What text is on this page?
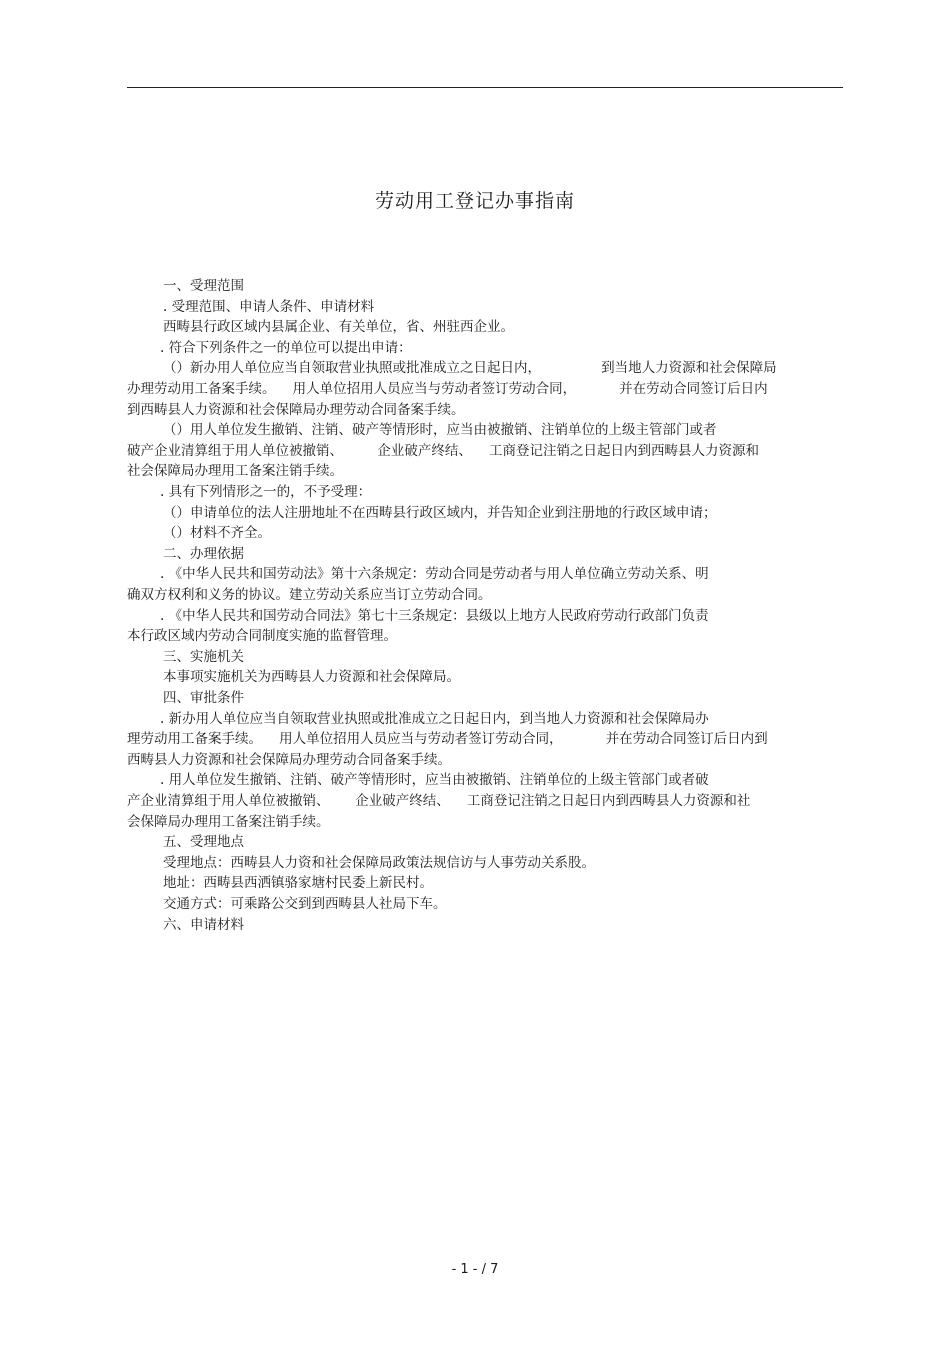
劳动用工登记办事指南
一、受理范围
. 受理范围、申请人条件、申请材料
西畴县行政区域内县属企业、有关单位，省、州驻西企业。
. 符合下列条件之一的单位可以提出申请：
（）新办用人单位应当自领取营业执照或批准成立之日起日内，              到当地人力资源和社会保障局
办理劳动用工备案手续。    用人单位招用人员应当与劳动者签订劳动合同，          并在劳动合同签订后日内
到西畴县人力资源和社会保障局办理劳动合同备案手续。
（）用人单位发生撤销、注销、破产等情形时，应当由被撤销、注销单位的上级主管部门或者
破产企业清算组于用人单位被撤销、        企业破产终结、    工商登记注销之日起日内到西畴县人力资源和
社会保障局办理用工备案注销手续。
. 具有下列情形之一的，不予受理：
（）申请单位的法人注册地址不在西畴县行政区域内，并告知企业到注册地的行政区域申请；
（）材料不齐全。
二、办理依据
. 《中华人民共和国劳动法》第十六条规定：劳动合同是劳动者与用人单位确立劳动关系、明
确双方权利和义务的协议。建立劳动关系应当订立劳动合同。
. 《中华人民共和国劳动合同法》第七十三条规定：县级以上地方人民政府劳动行政部门负责
本行政区域内劳动合同制度实施的监督管理。
三、实施机关
本事项实施机关为西畴县人力资源和社会保障局。
四、审批条件
. 新办用人单位应当自领取营业执照或批准成立之日起日内，到当地人力资源和社会保障局办
理劳动用工备案手续。    用人单位招用人员应当与劳动者签订劳动合同，          并在劳动合同签订后日内到
西畴县人力资源和社会保障局办理劳动合同备案手续。
. 用人单位发生撤销、注销、破产等情形时，应当由被撤销、注销单位的上级主管部门或者破
产企业清算组于用人单位被撤销、      企业破产终结、    工商登记注销之日起日内到西畴县人力资源和社
会保障局办理用工备案注销手续。
五、受理地点
受理地点：西畴县人力资和社会保障局政策法规信访与人事劳动关系股。
地址：西畴县西洒镇骆家塘村民委上新民村。
交通方式：可乘路公交到到西畴县人社局下车。
六、申请材料
- 1 - / 7
